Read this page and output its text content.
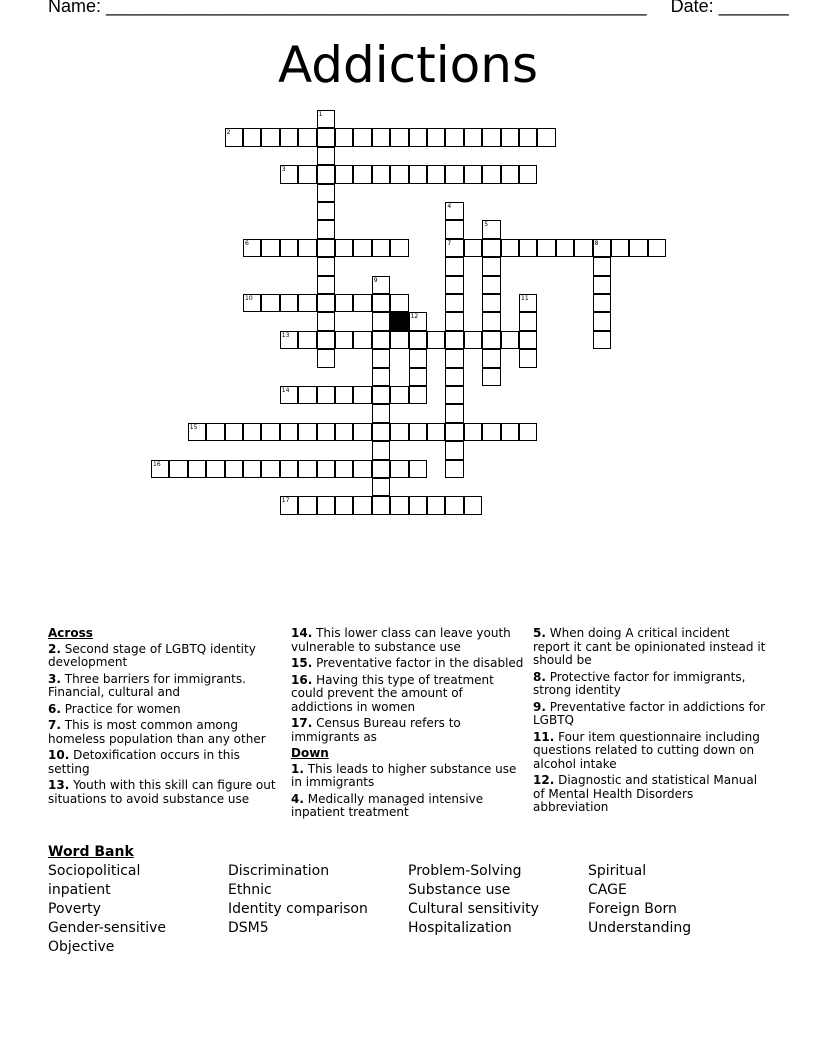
Name: ______________________________________________________ Date: _______
Addictions
2
3
6	7	8
10
13
14
15
16
17
1
4
5
9
11
12
Across
2. Second stage of LGBTQ identity development
3. Three barriers for immigrants. Financial, cultural and
6. Practice for women
7. This is most common among homeless population than any other
10. Detoxification occurs in this setting
13. Youth with this skill can figure out situations to avoid substance use
14. This lower class can leave youth vulnerable to substance use
15. Preventative factor in the disabled
16. Having this type of treatment could prevent the amount of addictions in women
17. Census Bureau refers to immigrants as
Down
1. This leads to higher substance use in immigrants
4. Medically managed intensive inpatient treatment
5. When doing A critical incident report it cant be opinionated instead it should be
8. Protective factor for immigrants, strong identity
9. Preventative factor in addictions for LGBTQ
11. Four item questionnaire including questions related to cutting down on alcohol intake
12. Diagnostic and statistical Manual of Mental Health Disorders abbreviation
Word Bank
Sociopolitical
inpatient
Poverty
Gender-sensitive
Objective
Discrimination
Ethnic
Identity comparison
DSM5
Problem-Solving
Substance use
Cultural sensitivity
Hospitalization
Spiritual
CAGE
Foreign Born
Understanding
